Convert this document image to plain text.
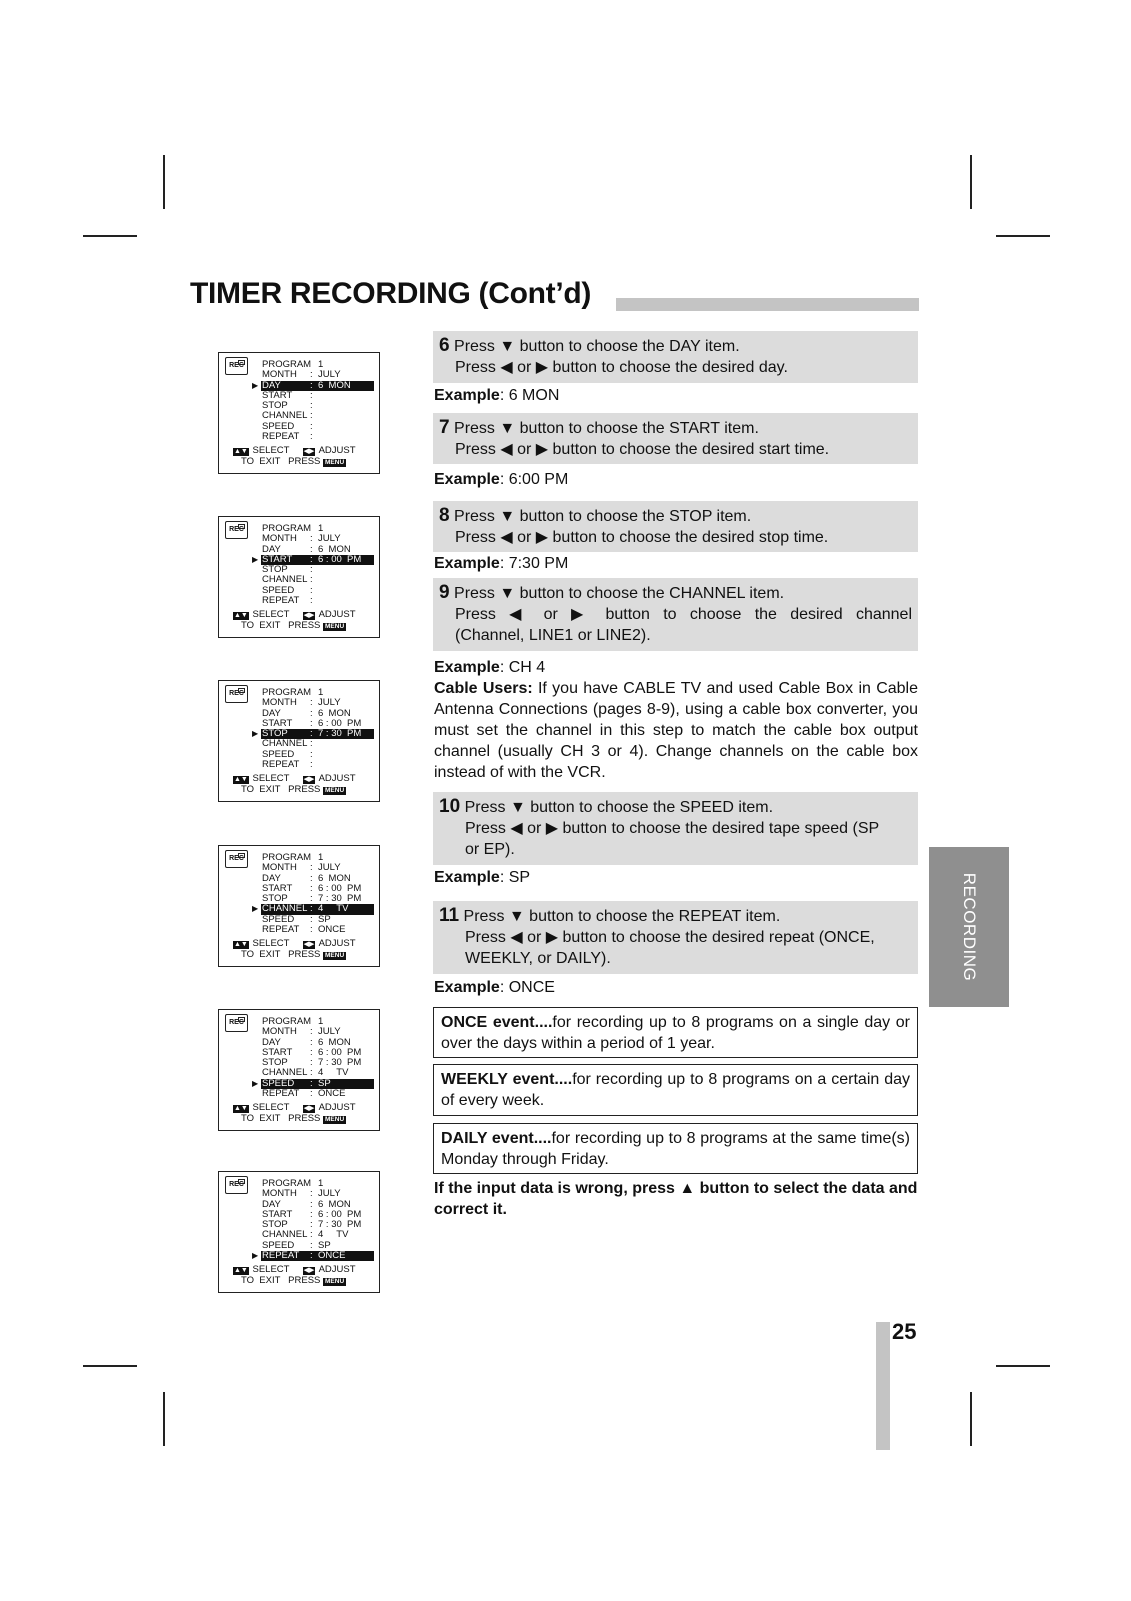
TIMER RECORDING (Cont’d)
REC	PROGRAM 1
MONTH : JULY
▶ DAY	: 6  MON
START :
STOP :
CHANNEL :
SPEED :
REPEAT :
▲▼ SELECT ◀▶ ADJUST
TO  EXIT   PRESS MENU
REC	PROGRAM 1
MONTH : JULY
DAY	: 6  MON
▶ START : 6 : 00  PM
STOP :
CHANNEL :
SPEED :
REPEAT :
▲▼ SELECT ◀▶ ADJUST
TO  EXIT   PRESS MENU
REC	PROGRAM 1
MONTH : JULY
DAY	: 6  MON
START : 6 : 00  PM
▶ STOP : 7 : 30  PM
CHANNEL :
SPEED :
REPEAT :
▲▼ SELECT ◀▶ ADJUST
TO  EXIT   PRESS MENU
REC	PROGRAM 1
MONTH : JULY
DAY	: 6  MON
START : 6 : 00  PM
STOP : 7 : 30  PM
▶ CHANNEL : 4     TV
SPEED : SP
REPEAT : ONCE
▲▼ SELECT ◀▶ ADJUST
TO  EXIT   PRESS MENU
REC	PROGRAM 1
MONTH : JULY
DAY	: 6  MON
START : 6 : 00  PM
STOP : 7 : 30  PM
CHANNEL : 4     TV
▶ SPEED : SP
REPEAT : ONCE
▲▼ SELECT ◀▶ ADJUST
TO  EXIT   PRESS MENU
REC	PROGRAM 1
MONTH : JULY
DAY	: 6  MON
START : 6 : 00  PM
STOP : 7 : 30  PM
CHANNEL : 4     TV
SPEED : SP
▶ REPEAT : ONCE
▲▼ SELECT ◀▶ ADJUST
TO  EXIT   PRESS MENU
6 Press ▼ button to choose the DAY item.
Press ◀ or ▶ button to choose the desired day.
Example: 6 MON
7 Press ▼ button to choose the START item.
Press ◀ or ▶ button to choose the desired start time.
Example: 6:00 PM
8 Press ▼ button to choose the STOP item.
Press ◀ or ▶ button to choose the desired stop time.
Example: 7:30 PM
9 Press ▼ button to choose the CHANNEL item.
Press ◀ or ▶ button to choose the desired channel
(Channel, LINE1 or LINE2).
Example: CH 4
Cable Users: If you have CABLE TV and used Cable Box in Cable Antenna Connections (pages 8-9), using a cable box converter, you must set the channel in this step to match the cable box output channel (usually CH 3 or 4). Change channels on the cable box instead of with the VCR.
10 Press ▼ button to choose the SPEED item.
Press ◀ or ▶ button to choose the desired tape speed (SP
or EP).
Example: SP
11 Press ▼ button to choose the REPEAT item.
Press ◀ or ▶ button to choose the desired repeat (ONCE,
WEEKLY, or DAILY).
Example: ONCE
ONCE event....for recording up to 8 programs on a single day or over the days within a period of 1 year.
WEEKLY event....for recording up to 8 programs on a certain day of every week.
DAILY event....for recording up to 8 programs at the same time(s) Monday through Friday.
If the input data is wrong, press ▲ button to select the data and correct it.
RECORDING
25
